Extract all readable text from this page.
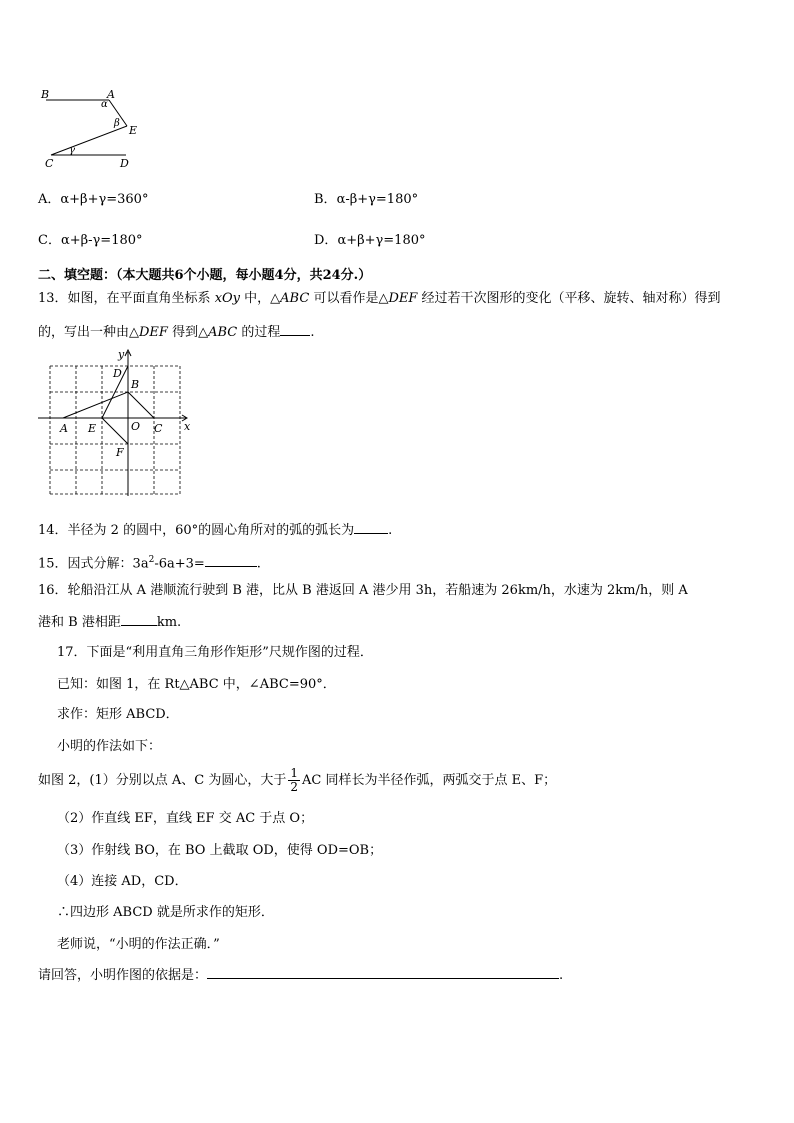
B	A
α
β
E
γ
C	D
A．α+β+γ=360°	B．α-β+γ=180°
C．α+β-γ=180°	D．α+β+γ=180°
二、填空题：（本大题共6个小题，每小题4分，共24分.）
13．如图，在平面直角坐标系 xOy 中，△ABC 可以看作是△DEF 经过若干次图形的变化（平移、旋转、轴对称）得到
的，写出一种由△DEF 得到△ABC 的过程 .
y
x
D
B
A E	O C
F
14．半径为 2 的圆中，60°的圆心角所对的弧的弧长为	.
15．因式分解：$3a^2-6a+3=$	.
16．轮船沿江从 A 港顺流行驶到 B 港，比从 B 港返回 A 港少用 3h，若船速为 26km/h，水速为 2km/h，则 A
港和 B 港相距	km.
17．下面是“利用直角三角形作矩形”尺规作图的过程．
已知：如图 1，在 Rt△ABC 中，∠ABC=90°．
求作：矩形 ABCD．
小明的作法如下：
如图 2，(1）分别以点 A、C 为圆心，大于 $\frac{1}{2}$ AC 同样长为半径作弧，两弧交于点 E、F；
（2）作直线 EF，直线 EF 交 AC 于点 O；
（3）作射线 BO，在 BO 上截取 OD，使得 OD=OB；
（4）连接 AD，CD．
∴四边形 ABCD 就是所求作的矩形．
老师说，“小明的作法正确．”
请回答，小明作图的依据是：	.
